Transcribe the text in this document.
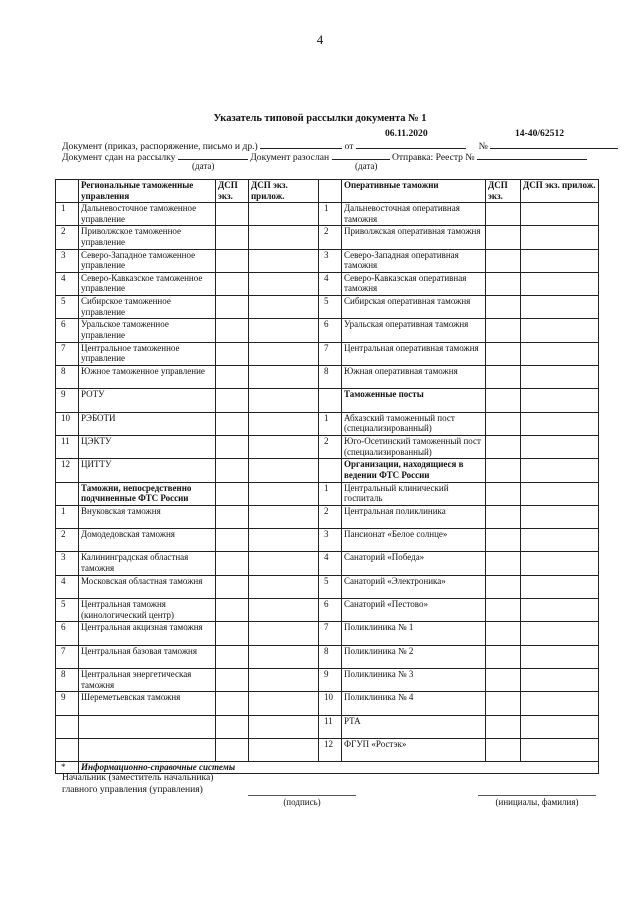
4
Указатель типовой рассылки документа № 1
Документ (приказ, распоряжение, письмо и др.)	от	№
06.11.2020	14-40/62512
Документ сдан на рассылку	Документ разослан	Отправка: Реестр №
(дата)	(дата)
	Региональные таможенные управления	ДСП экз.	ДСП экз. прилож.		Оперативные таможни	ДСП экз.	ДСП экз. прилож.
1	Дальневосточное таможенное управление			1	Дальневосточная оперативная таможня		
2	Приволжское таможенное управление			2	Приволжская оперативная таможня		
3	Северо-Западное таможенное управление			3	Северо-Западная оперативная таможня		
4	Северо-Кавказское таможенное управление			4	Северо-Кавказская оперативная таможня		
5	Сибирское таможенное управление			5	Сибирская оперативная таможня		
6	Уральское таможенное управление			6	Уральская оперативная таможня		
7	Центральное таможенное управление			7	Центральная оперативная таможня		
8	Южное таможенное управление			8	Южная оперативная таможня		
9	РОТУ				Таможенные посты		
10	РЭБОТИ			1	Абхазский таможенный пост (специализированный)		
11	ЦЭКТУ			2	Юго-Осетинский таможенный пост (специализированный)		
12	ЦИТТУ				Организации, находящиеся в ведении ФТС России		
	Таможни, непосредственно подчиненные ФТС России			1	Центральный клинический госпиталь		
1	Внуковская таможня			2	Центральная поликлиника		
2	Домодедовская таможня			3	Пансионат «Белое солнце»		
3	Калининградская областная таможня			4	Санаторий «Победа»		
4	Московская областная таможня			5	Санаторий «Электроника»		
5	Центральная таможня (кинологический центр)			6	Санаторий «Пестово»		
6	Центральная акцизная таможня			7	Поликлиника № 1		
7	Центральная базовая таможня			8	Поликлиника № 2		
8	Центральная энергетическая таможня			9	Поликлиника № 3		
9	Шереметьевская таможня			10	Поликлиника № 4		
				11	РТА		
				12	ФГУП «Ростэк»		
*	Информационно-справочные системы						
Начальник (заместитель начальника)
главного управления (управления)
(подпись)	(инициалы, фамилия)
